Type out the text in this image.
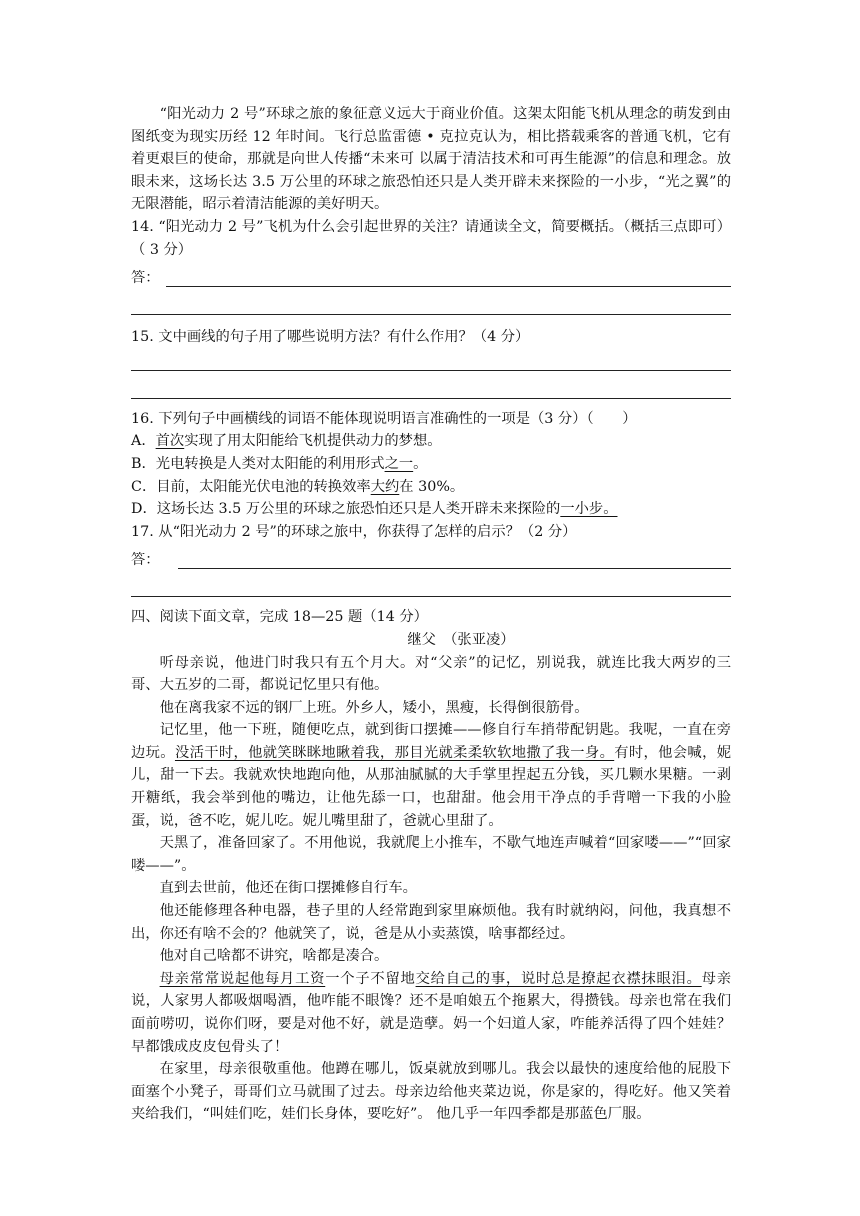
“阳光动力 2 号”环球之旅的象征意义远大于商业价值。这架太阳能飞机从理念的萌发到由图纸变为现实历经 12 年时间。飞行总监雷德 • 克拉克认为，相比搭载乘客的普通飞机，它有着更艰巨的使命，那就是向世人传播“未来可 以属于清洁技术和可再生能源”的信息和理念。放眼未来，这场长达 3.5 万公里的环球之旅恐怕还只是人类开辟未来探险的一小步，“光之翼”的无限潜能，昭示着清洁能源的美好明天。

14. “阳光动力 2 号”飞机为什么会引起世界的关注？请通读全文，简要概括。（概括三点即可）（ 3 分）

答：

15. 文中画线的句子用了哪些说明方法？有什么作用？（4 分）

16. 下列句子中画横线的词语不能体现说明语言准确性的一项是（3 分）（　　）

A．首次实现了用太阳能给飞机提供动力的梦想。

B．光电转换是人类对太阳能的利用形式之一。

C．目前，太阳能光伏电池的转换效率大约在 30%。

D．这场长达 3.5 万公里的环球之旅恐怕还只是人类开辟未来探险的一小步。

17. 从“阳光动力 2 号”的环球之旅中，你获得了怎样的启示？（2 分）

答：

四、阅读下面文章，完成 18—25 题（14 分）

继父　（张亚凌）

听母亲说，他进门时我只有五个月大。对“父亲”的记忆，别说我，就连比我大两岁的三哥、大五岁的二哥，都说记忆里只有他。

他在离我家不远的钢厂上班。外乡人，矮小，黑瘦，长得倒很筋骨。

记忆里，他一下班，随便吃点，就到街口摆摊——修自行车捎带配钥匙。我呢，一直在旁边玩。没活干时，他就笑眯眯地瞅着我，那目光就柔柔软软地撒了我一身。有时，他会喊，妮儿，甜一下去。我就欢快地跑向他，从那油腻腻的大手掌里捏起五分钱，买几颗水果糖。一剥开糖纸，我会举到他的嘴边，让他先舔一口，也甜甜。他会用干净点的手背噌一下我的小脸蛋，说，爸不吃，妮儿吃。妮儿嘴里甜了，爸就心里甜了。

天黑了，准备回家了。不用他说，我就爬上小推车，不歇气地连声喊着“回家喽——”“回家喽——”。

直到去世前，他还在街口摆摊修自行车。

他还能修理各种电器，巷子里的人经常跑到家里麻烦他。我有时就纳闷，问他，我真想不出，你还有啥不会的？他就笑了，说，爸是从小卖蒸馍，啥事都经过。

他对自己啥都不讲究，啥都是凑合。

母亲常常说起他每月工资一个子不留地交给自己的事，说时总是撩起衣襟抹眼泪。母亲说，人家男人都吸烟喝酒，他咋能不眼馋？还不是咱娘五个拖累大，得攒钱。母亲也常在我们面前唠叨，说你们呀，要是对他不好，就是造孽。妈一个妇道人家，咋能养活得了四个娃娃？早都饿成皮皮包骨头了！

在家里，母亲很敬重他。他蹲在哪儿，饭桌就放到哪儿。我会以最快的速度给他的屁股下面塞个小凳子，哥哥们立马就围了过去。母亲边给他夹菜边说，你是家的，得吃好。他又笑着夹给我们，“叫娃们吃，娃们长身体，要吃好”。 他几乎一年四季都是那蓝色厂服。
